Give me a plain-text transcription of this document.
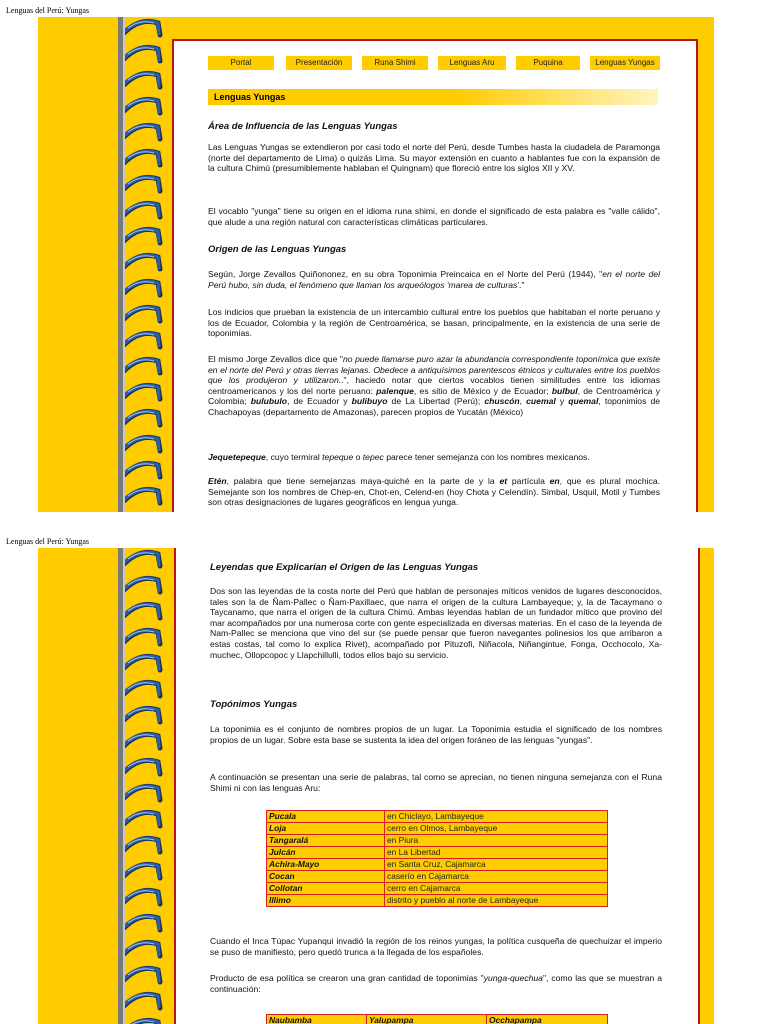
Lenguas del Perú: Yungas
Portal	Presentación	Runa Shimi	Lenguas Aru	Puquina	Lenguas Yungas
Lenguas Yungas
Área de Influencia de las Lenguas Yungas
Las Lenguas Yungas se extendieron por casi todo el norte del Perú, desde Tumbes hasta la ciudadela de Paramonga (norte del departamento de Lima) o quizás Lima. Su mayor extensión en cuanto a hablantes fue con la expansión de la cultura Chimú (presumiblemente hablaban el Quingnam) que floreció entre los siglos XII y XV.
El vocablo "yunga" tiene su origen en el idioma runa shimi, en donde el significado de esta palabra es "valle cálido", que alude a una región natural con características climáticas particulares.
Origen de las Lenguas Yungas
Según, Jorge Zevallos Quiñononez, en su obra Toponimia Preincaica en el Norte del Perú (1944), "en el norte del Perú hubo, sin duda, el fenómeno que llaman los arqueólogos 'marea de culturas'."
Los indicios que prueban la existencia de un intercambio cultural entre los pueblos que habitaban el norte peruano y los de Ecuador, Colombia y la región de Centroamérica, se basan, principalmente, en la existencia de una serie de toponimias.
El mismo Jorge Zevallos dice que "no puede llamarse puro azar la abundancia correspondiente toponímica que existe en el norte del Perú y otras tierras lejanas. Obedece a antiquísimos parentescos étnicos y culturales entre los pueblos que los produjeron y utilizaron..", haciedo notar que ciertos vocablos tienen similitudes entre los idiomas centroamericanos y los del norte peruano: palenque, es sitio de México y de Ecuador; bulbul, de Centroamérica y Colombia; bulubulo, de Ecuador y bulibuyo de La Libertad (Perú); chuscón, cuemal y quemal, toponimios de Chachapoyas (departamento de Amazonas), parecen propios de Yucatán (México)
Jequetepeque, cuyo termiral tepeque o tepec parece tener semejanza con los nombres mexicanos.
Etén, palabra que tiene semejanzas maya-quiché en la parte de y la et partícula en, que es plural mochica. Semejante son los nombres de Chep-en, Chot-en, Celend-en (hoy Chota y Celendín). Simbal, Usquil, Motil y Tumbes son otras designaciones de lugares geográficos en lengua yunga.
Lenguas del Perú: Yungas
Leyendas que Explicarían el Origen de las Lenguas Yungas
Dos son las leyendas de la costa norte del Perú que hablan de personajes míticos venidos de lugares desconocidos, tales son la de Ñam-Pallec o Ñam-Paxillaec, que narra el origen de la cultura Lambayeque; y, la de Tacaymano o Taycanamo, que narra el origen de la cultura Chimú. Ambas leyendas hablan de un fundador mítico que provino del mar acompañados por una numerosa corte con gente especializada en diversas materias. En el caso de la leyenda de Nam-Pallec se menciona que vino del sur (se puede pensar que fueron navegantes polinesios los que arribaron a estas costas, tal como lo explica Rivet), acompañado por Pituzofi, Niñacola, Niñangintue, Fonga, Occhocolo, Xa-muchec, Ollopcopoc y Llapchillulli, todos ellos bajo su servicio.
Topónimos Yungas
La toponimia es el conjunto de nombres propios de un lugar. La Toponimia estudia el significado de los nombres propios de un lugar. Sobre esta base se sustenta la idea del origen foráneo de las lenguas "yungas".
A continuación se presentan una serie de palabras, tal como se aprecian, no tienen ninguna semejanza con el Runa Shimi ni con las lenguas Aru:
Pucala	en Chiclayo, Lambayeque
Loja	cerro en Olmos, Lambayeque
Tangaralá	en Piura
Julcán	en La Libertad
Achira-Mayo	en Santa Cruz, Cajamarca
Cocan	caserío en Cajamarca
Collotan	cerro en Cajamarca
Illimo	distrito y pueblo al norte de Lambayeque
Cuando el Inca Túpac Yupanqui invadió la región de los reinos yungas, la política cusqueña de quechuizar el imperio se puso de manifiesto, pero quedó trunca a la llegada de los españoles.
Producto de esa política se crearon una gran cantidad de toponimias "yunga-quechua", como las que se muestran a continuación:
Naubamba	Yalupampa	Occhapampa
